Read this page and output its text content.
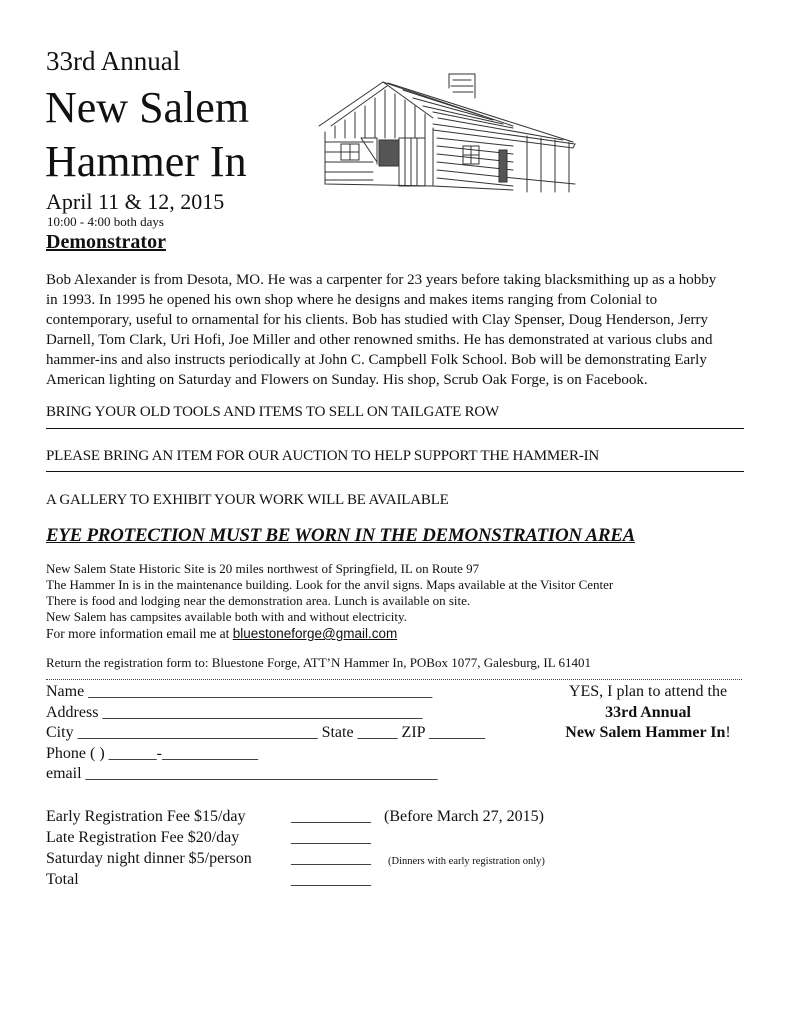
33rd Annual
New Salem
Hammer In
April 11 & 12, 2015
10:00 - 4:00 both days
Demonstrator
Bob Alexander is from Desota, MO. He was a carpenter for 23 years before taking blacksmithing up as a hobby
in 1993. In 1995 he opened his own shop where he designs and makes items ranging from Colonial to
contemporary, useful to ornamental for his clients. Bob has studied with Clay Spenser, Doug Henderson, Jerry
Darnell, Tom Clark, Uri Hofi, Joe Miller and other renowned smiths. He has demonstrated at various clubs and
hammer-ins and also instructs periodically at John C. Campbell Folk School. Bob will be demonstrating Early
American lighting on Saturday and Flowers on Sunday. His shop, Scrub Oak Forge, is on Facebook.
BRING YOUR OLD TOOLS AND ITEMS TO SELL ON TAILGATE ROW
PLEASE BRING AN ITEM FOR OUR AUCTION TO HELP SUPPORT THE HAMMER-IN
A GALLERY TO EXHIBIT YOUR WORK WILL BE AVAILABLE
EYE PROTECTION MUST BE WORN IN THE DEMONSTRATION AREA
New Salem State Historic Site is 20 miles northwest of Springfield, IL on Route 97
The Hammer In is in the maintenance building. Look for the anvil signs. Maps available at the Visitor Center
There is food and lodging near the demonstration area. Lunch is available on site.
New Salem has campsites available both with and without electricity.
For more information email me at bluestoneforge@gmail.com
Return the registration form to: Bluestone Forge, ATT’N Hammer In, POBox 1077, Galesburg, IL 61401
Name ___________________________________________
Address ________________________________________
City ______________________________ State _____ ZIP _______
Phone ( ) ______-____________
email ____________________________________________
YES, I plan to attend the
33rd Annual
New Salem Hammer In!
Early Registration Fee $15/day	__________ (Before March 27, 2015)
Late Registration Fee $20/day	__________
Saturday night dinner $5/person __________ (Dinners with early registration only)
Total	__________
